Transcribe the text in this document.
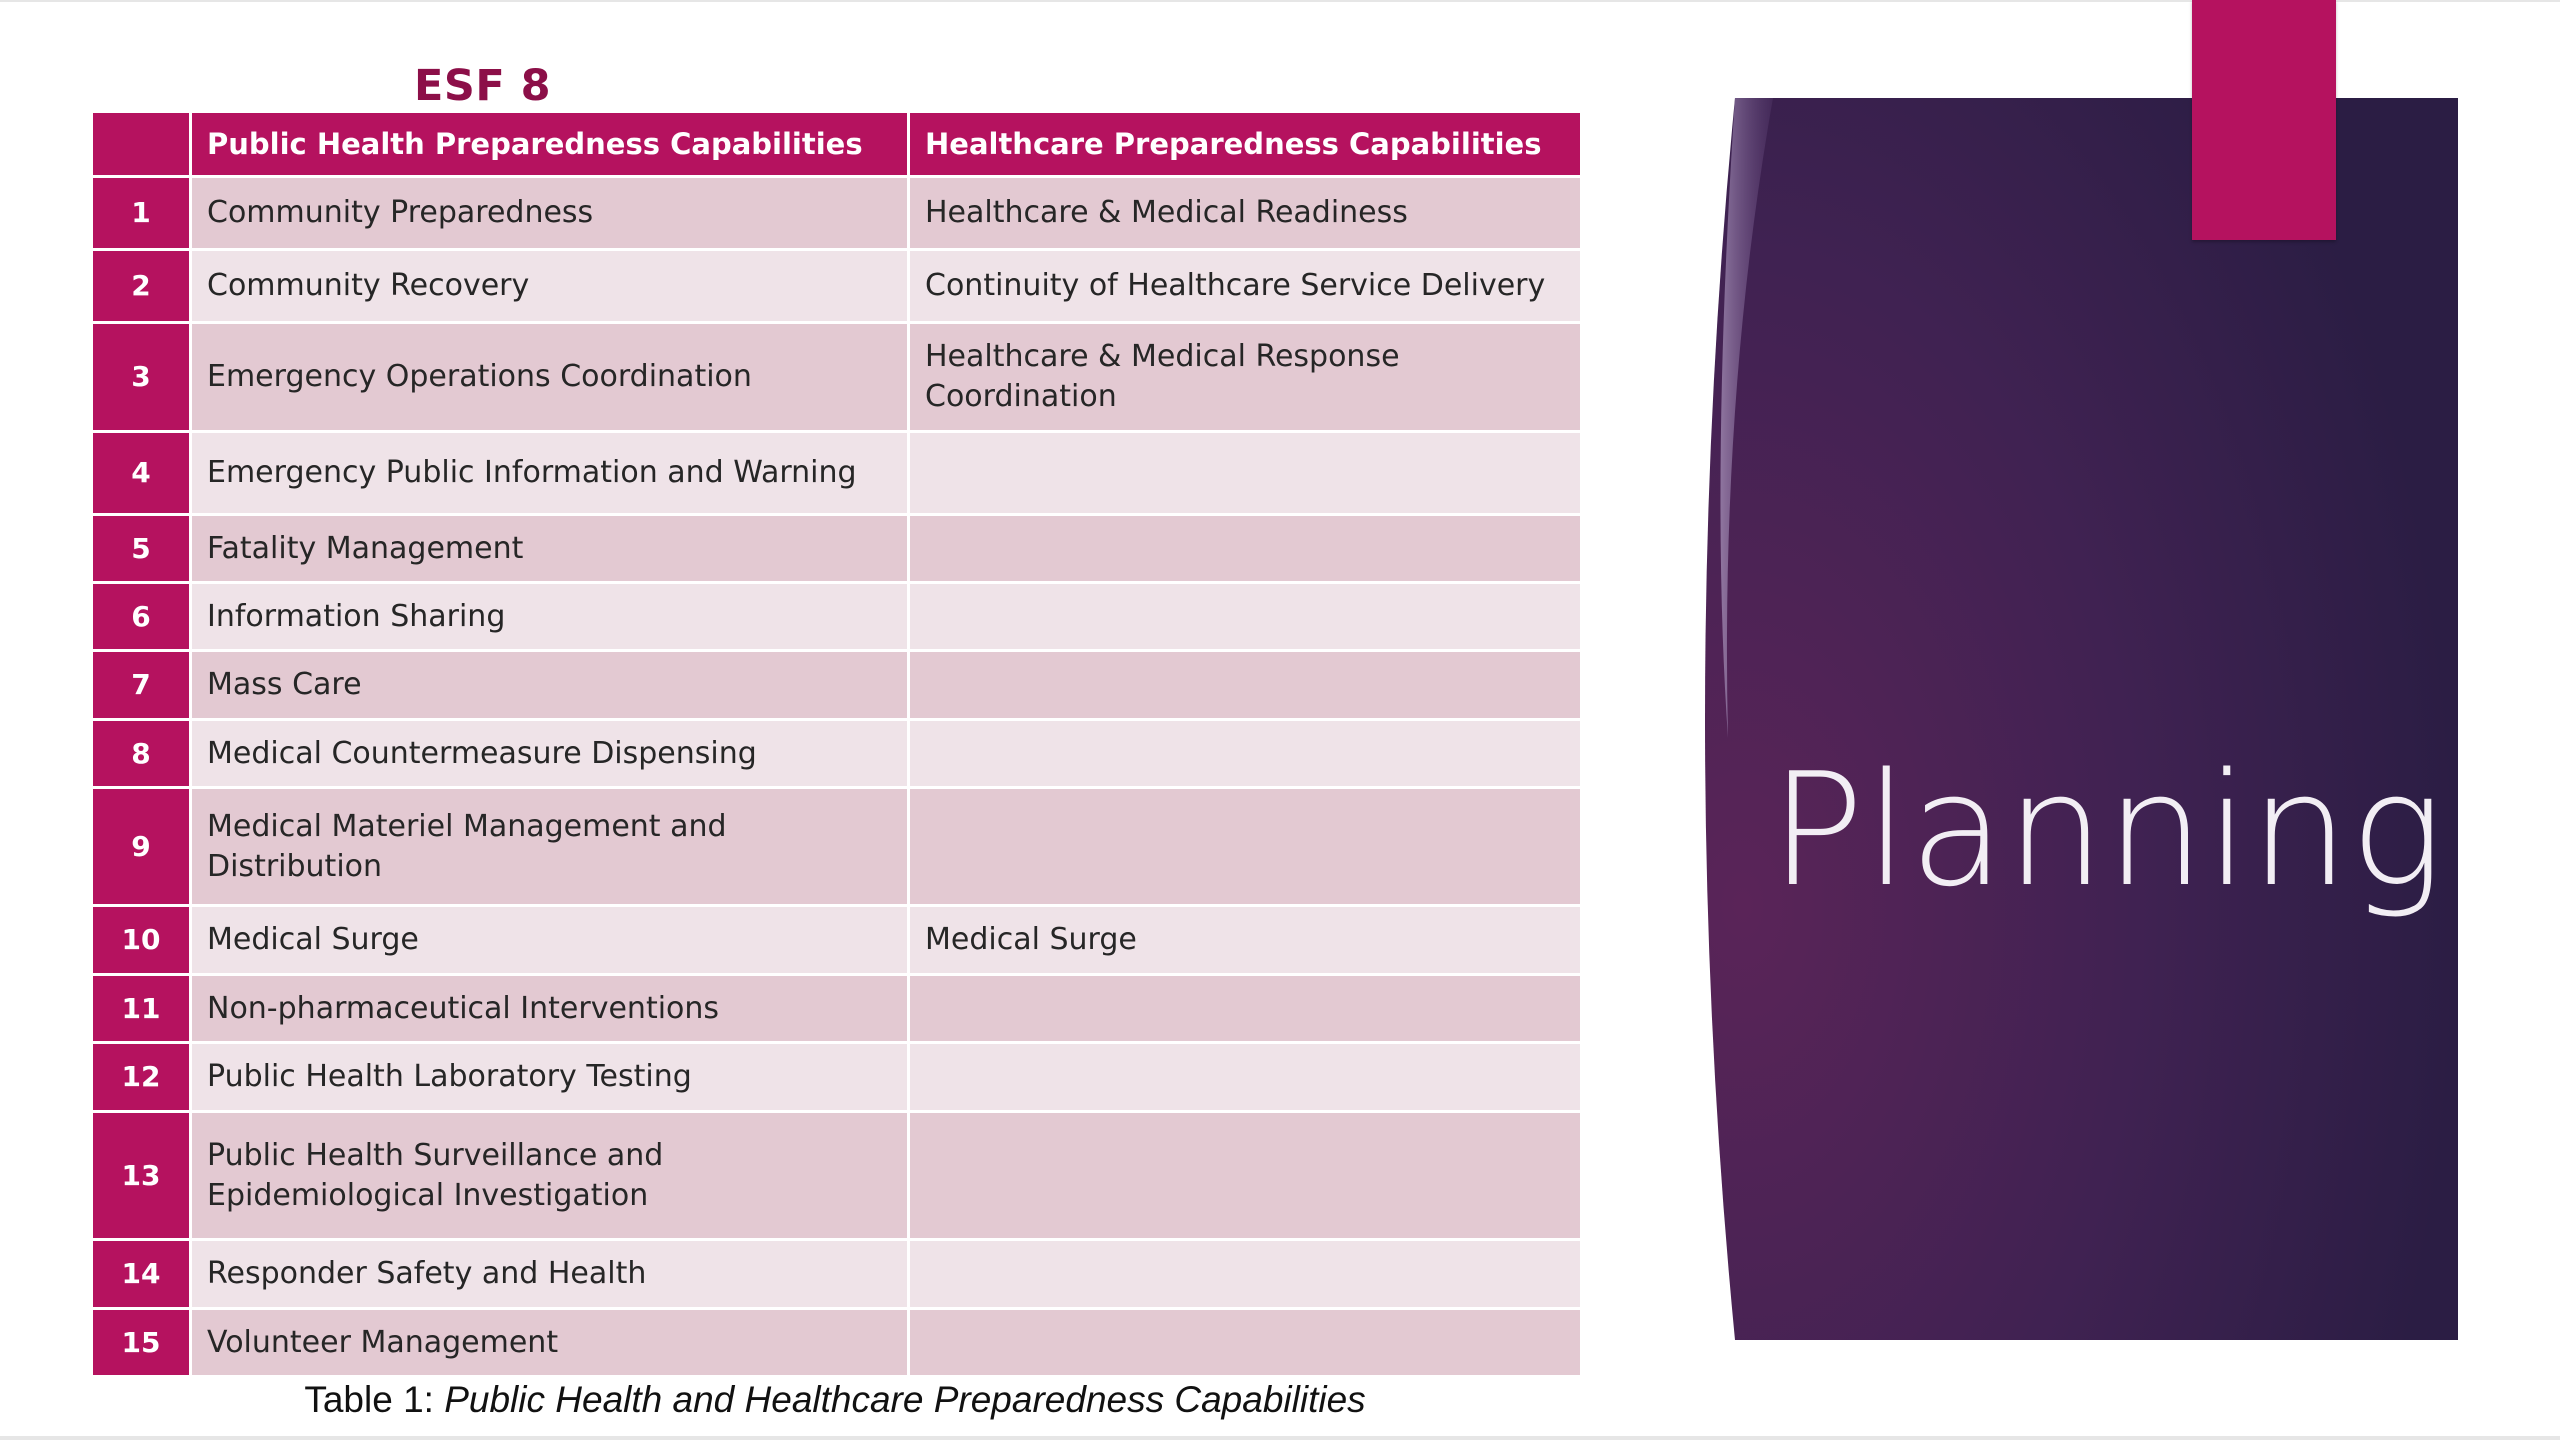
ESF 8
	Public Health Preparedness Capabilities	Healthcare Preparedness Capabilities
1	Community Preparedness	Healthcare & Medical Readiness
2	Community Recovery	Continuity of Healthcare Service Delivery
3	Emergency Operations Coordination	Healthcare & Medical Response Coordination
4	Emergency Public Information and Warning	
5	Fatality Management	
6	Information Sharing	
7	Mass Care	
8	Medical Countermeasure Dispensing	
9	Medical Materiel Management and Distribution	
10	Medical Surge	Medical Surge
11	Non-pharmaceutical Interventions	
12	Public Health Laboratory Testing	
13	Public Health Surveillance and Epidemiological Investigation	
14	Responder Safety and Health	
15	Volunteer Management	
Table 1: Public Health and Healthcare Preparedness Capabilities
Planning
